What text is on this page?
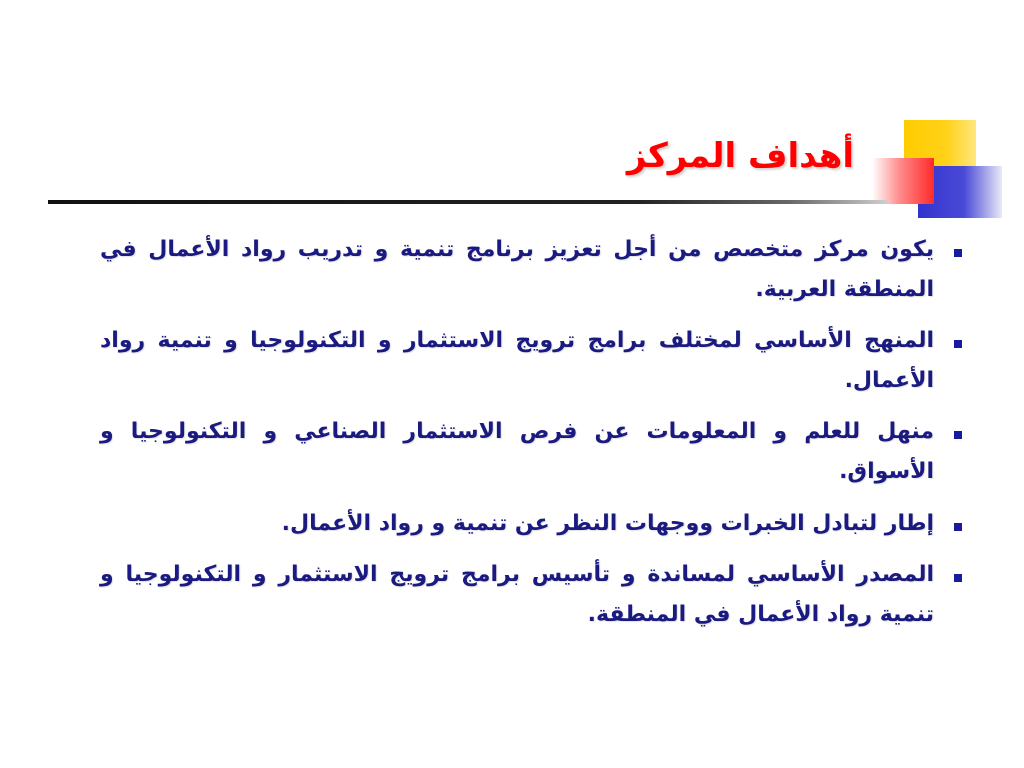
أهداف المركز
يكون مركز متخصص من أجل تعزيز برنامج تنمية و تدريب رواد الأعمال في المنطقة العربية.
المنهج الأساسي لمختلف برامج ترويج الاستثمار و التكنولوجيا و تنمية رواد الأعمال.
منهل للعلم و المعلومات عن فرص الاستثمار الصناعي و التكنولوجيا و الأسواق.
إطار لتبادل الخبرات ووجهات النظر عن تنمية و رواد الأعمال.
المصدر الأساسي لمساندة و تأسيس برامج ترويج الاستثمار و التكنولوجيا و تنمية رواد الأعمال في المنطقة.
